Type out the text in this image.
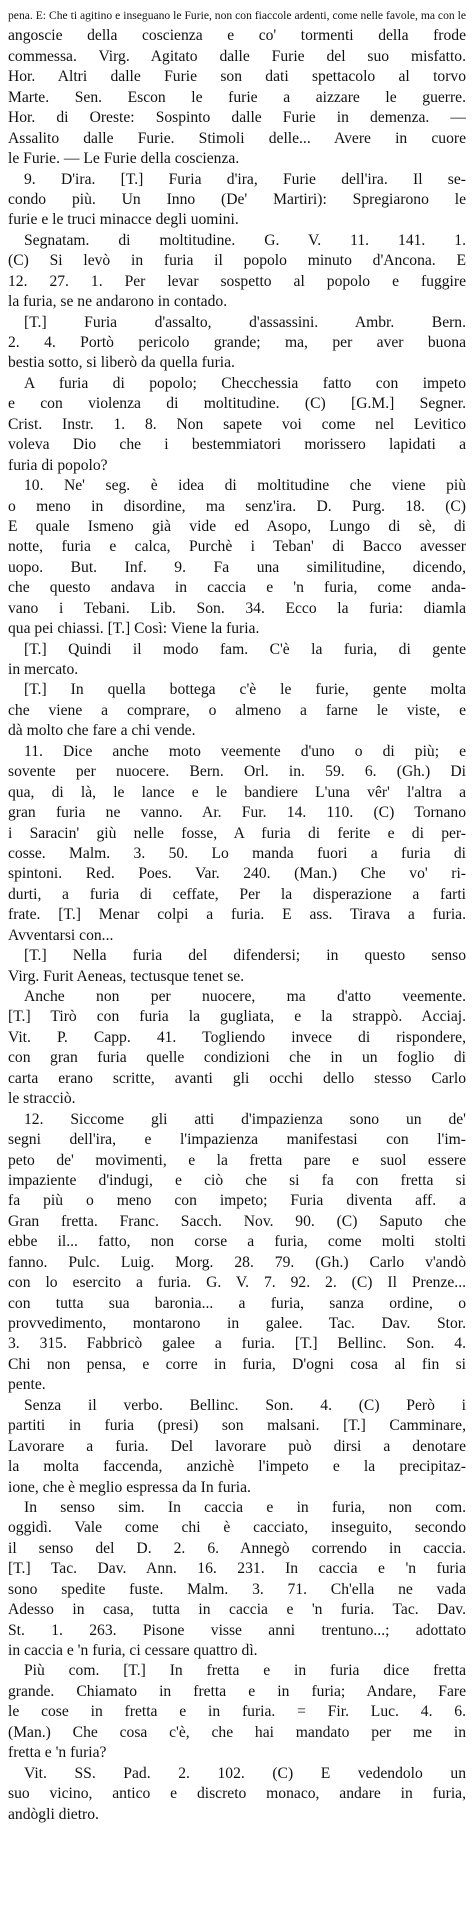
pena. E: Che ti agitino e inseguano le Furie, non con fiaccole ardenti, come nelle favole, ma con le
angoscie della coscienza e co' tormenti della frode
commessa. Virg. Agitato dalle Furie del suo misfatto.
Hor. Altri dalle Furie son dati spettacolo al torvo
Marte. Sen. Escon le furie a aizzare le guerre.
Hor. di Oreste: Sospinto dalle Furie in demenza. —
Assalito dalle Furie. Stimoli delle... Avere in cuore
le Furie. — Le Furie della coscienza.
9. D'ira. [T.] Furia d'ira, Furie dell'ira. Il se-
condo più. Un Inno (De' Martiri): Spregiarono le
furie e le truci minacce degli uomini.
Segnatam. di moltitudine. G. V. 11. 141. 1.
(C) Si levò in furia il popolo minuto d'Ancona. E
12. 27. 1. Per levar sospetto al popolo e fuggire
la furia, se ne andarono in contado.
[T.] Furia d'assalto, d'assassini. Ambr. Bern.
2. 4. Portò pericolo grande; ma, per aver buona
bestia sotto, si liberò da quella furia.
A furia di popolo; Checchessia fatto con impeto
e con violenza di moltitudine. (C) [G.M.] Segner.
Crist. Instr. 1. 8. Non sapete voi come nel Levitico
voleva Dio che i bestemmiatori morissero lapidati a
furia di popolo?
10. Ne' seg. è idea di moltitudine che viene più
o meno in disordine, ma senz'ira. D. Purg. 18. (C)
E quale Ismeno già vide ed Asopo, Lungo di sè, di
notte, furia e calca, Purchè i Teban' di Bacco avesser
uopo. But. Inf. 9. Fa una similitudine, dicendo,
che questo andava in caccia e 'n furia, come anda-
vano i Tebani. Lib. Son. 34. Ecco la furia: diamla
qua pei chiassi. [T.] Così: Viene la furia.
[T.] Quindi il modo fam. C'è la furia, di gente
in mercato.
[T.] In quella bottega c'è le furie, gente molta
che viene a comprare, o almeno a farne le viste, e
dà molto che fare a chi vende.
11. Dice anche moto veemente d'uno o di più; e
sovente per nuocere. Bern. Orl. in. 59. 6. (Gh.) Di
qua, di là, le lance e le bandiere L'una vêr' l'altra a
gran furia ne vanno. Ar. Fur. 14. 110. (C) Tornano
i Saracin' giù nelle fosse, A furia di ferite e di per-
cosse. Malm. 3. 50. Lo manda fuori a furia di
spintoni. Red. Poes. Var. 240. (Man.) Che vo' ri-
durti, a furia di ceffate, Per la disperazione a farti
frate. [T.] Menar colpi a furia. E ass. Tirava a furia.
Avventarsi con...
[T.] Nella furia del difendersi; in questo senso
Virg. Furit Aeneas, tectusque tenet se.
Anche non per nuocere, ma d'atto veemente.
[T.] Tirò con furia la gugliata, e la strappò. Acciaj.
Vit. P. Capp. 41. Togliendo invece di rispondere,
con gran furia quelle condizioni che in un foglio di
carta erano scritte, avanti gli occhi dello stesso Carlo
le stracciò.
12. Siccome gli atti d'impazienza sono un de'
segni dell'ira, e l'impazienza manifestasi con l'im-
peto de' movimenti, e la fretta pare e suol essere
impaziente d'indugi, e ciò che si fa con fretta si
fa più o meno con impeto; Furia diventa aff. a
Gran fretta. Franc. Sacch. Nov. 90. (C) Saputo che
ebbe il... fatto, non corse a furia, come molti stolti
fanno. Pulc. Luig. Morg. 28. 79. (Gh.) Carlo v'andò
con lo esercito a furia. G. V. 7. 92. 2. (C) Il Prenze...
con tutta sua baronia... a furia, sanza ordine, o
provvedimento, montarono in galee. Tac. Dav. Stor.
3. 315. Fabbricò galee a furia. [T.] Bellinc. Son. 4.
Chi non pensa, e corre in furia, D'ogni cosa al fin si
pente.
Senza il verbo. Bellinc. Son. 4. (C) Però i
partiti in furia (presi) son malsani. [T.] Camminare,
Lavorare a furia. Del lavorare può dirsi a denotare
la molta faccenda, anzichè l'impeto e la precipitaz-
ione, che è meglio espressa da In furia.
In senso sim. In caccia e in furia, non com.
oggidì. Vale come chi è cacciato, inseguito, secondo
il senso del D. 2. 6. Annegò correndo in caccia.
[T.] Tac. Dav. Ann. 16. 231. In caccia e 'n furia
sono spedite fuste. Malm. 3. 71. Ch'ella ne vada
Adesso in casa, tutta in caccia e 'n furia. Tac. Dav.
St. 1. 263. Pisone visse anni trentuno...; adottato
in caccia e 'n furia, ci cessare quattro dì.
Più com. [T.] In fretta e in furia dice fretta
grande. Chiamato in fretta e in furia; Andare, Fare
le cose in fretta e in furia. = Fir. Luc. 4. 6.
(Man.) Che cosa c'è, che hai mandato per me in
fretta e 'n furia?
Vit. SS. Pad. 2. 102. (C) E vedendolo un
suo vicino, antico e discreto monaco, andare in furia,
andògli dietro.
